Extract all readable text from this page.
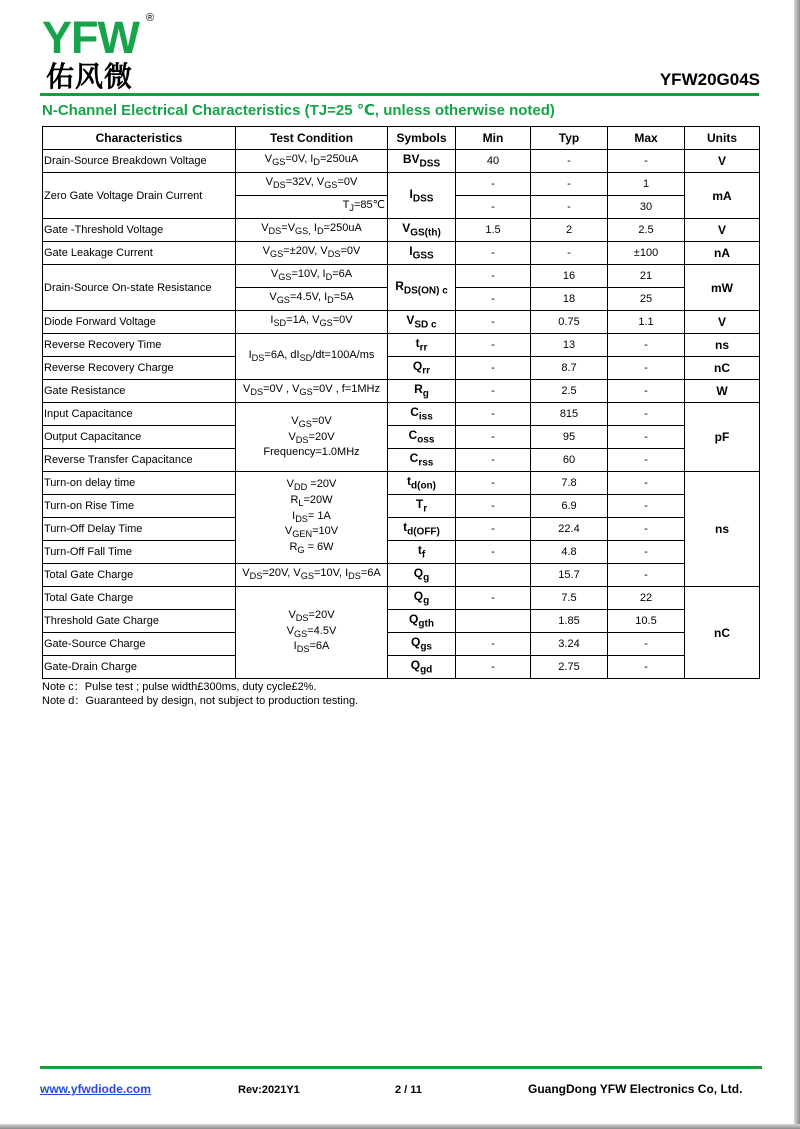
YFW
佑风微
®
YFW20G04S
N-Channel Electrical Characteristics (TJ=25 ℃, unless otherwise noted)
Characteristics	Test Condition	Symbols	Min	Typ	Max	Units
Drain-Source Breakdown Voltage	$V_{GS}=0V$, $I_D=250uA$	$BV_{DSS}$	40	-	-	V
Zero Gate Voltage Drain Current	$V_{DS}=32V$, $V_{GS}=0V$	$I_{DSS}$	-	-	1	mA
	$T_J=85℃$		-	-	30	
Gate -Threshold Voltage	$V_{DS}=V_{GS,}$ $I_D=250uA$	$V_{GS(th)}$	1.5	2	2.5	V
Gate Leakage Current	$V_{GS}=\pm 20V$, $V_{DS}=0V$	$I_{GSS}$	-	-	±100	nA
Drain-Source On-state Resistance	$V_{GS}=10V$, $I_D=6A$	$R_{DS(ON) c}$	-	16	21	mW
	$V_{GS}=4.5V$, $I_D=5A$		-	18	25	
Diode Forward Voltage	$I_{SD}=1A$, $V_{GS}=0V$	$V_{SD c}$	-	0.75	1.1	V
Reverse Recovery Time	$I_{DS}=6A$, $dI_{SD}/dt=100A/ms$	$t_{rr}$	-	13	-	ns
Reverse Recovery Charge		$Q_{rr}$	-	8.7	-	nC
Gate Resistance	$V_{DS}=0V$ , $V_{GS}=0V$ , f=1MHz	$R_g$	-	2.5	-	W
Input Capacitance	$V_{GS}=0V$
$V_{DS}=20V$
Frequency=1.0MHz	$C_{iss}$	-	815	-	pF
Output Capacitance		$C_{oss}$	-	95	-	
Reverse Transfer Capacitance		$C_{rss}$	-	60	-	
Turn-on delay time	$V_{DD} =20V$
$R_L=20W$
$I_{DS}= 1A$
$V_{GEN}=10V$
$R_G = 6W$	$t_{d(on)}$	-	7.8	-	ns
Turn-on Rise Time		$T_r$	-	6.9	-	
Turn-Off Delay Time		$t_{d(OFF)}$	-	22.4	-	
Turn-Off Fall Time		$t_f$	-	4.8	-	
Total Gate Charge	$V_{DS}=20V$, $V_{GS}=10V$, $I_{DS}=6A$	$Q_g$		15.7	-	
Total Gate Charge	$V_{DS}=20V$
$V_{GS}=4.5V$
$I_{DS}=6A$	$Q_g$	-	7.5	22	nC
Threshold Gate Charge		$Q_{gth}$		1.85	10.5	
Gate-Source Charge		$Q_{gs}$	-	3.24	-	
Gate-Drain Charge		$Q_{gd}$	-	2.75	-	
Note c：Pulse test ; pulse width£300ms, duty cycle£2%.
Note d：Guaranteed by design, not subject to production testing.
www.yfwdiode.com	Rev:2021Y1	2 / 11	GuangDong YFW Electronics Co, Ltd.
